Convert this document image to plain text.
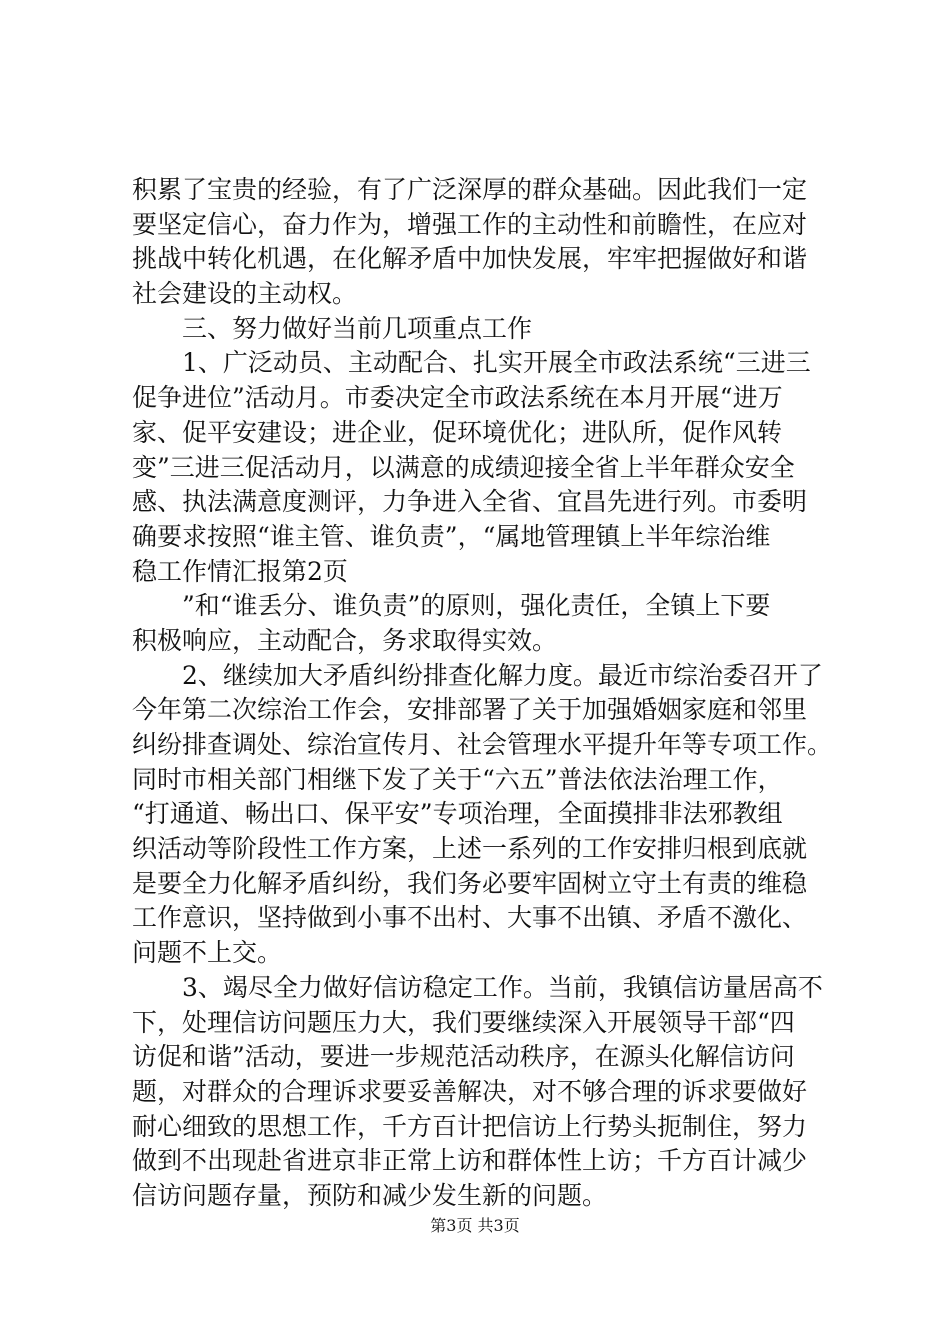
积累了宝贵的经验，有了广泛深厚的群众基础。因此我们一定
要坚定信心，奋力作为，增强工作的主动性和前瞻性，在应对
挑战中转化机遇，在化解矛盾中加快发展，牢牢把握做好和谐
社会建设的主动权。
　　三、努力做好当前几项重点工作
　　1、广泛动员、主动配合、扎实开展全市政法系统“三进三
促争进位”活动月。市委决定全市政法系统在本月开展“进万
家、促平安建设；进企业，促环境优化；进队所，促作风转
变”三进三促活动月，以满意的成绩迎接全省上半年群众安全
感、执法满意度测评，力争进入全省、宜昌先进行列。市委明
确要求按照“谁主管、谁负责”，“属地管理镇上半年综治维
稳工作情汇报第2页
　　”和“谁丢分、谁负责”的原则，强化责任，全镇上下要
积极响应，主动配合，务求取得实效。
　　2、继续加大矛盾纠纷排查化解力度。最近市综治委召开了
今年第二次综治工作会，安排部署了关于加强婚姻家庭和邻里
纠纷排查调处、综治宣传月、社会管理水平提升年等专项工作。
同时市相关部门相继下发了关于“六五”普法依法治理工作，
“打通道、畅出口、保平安”专项治理，全面摸排非法邪教组
织活动等阶段性工作方案，上述一系列的工作安排归根到底就
是要全力化解矛盾纠纷，我们务必要牢固树立守土有责的维稳
工作意识，坚持做到小事不出村、大事不出镇、矛盾不激化、
问题不上交。
　　3、竭尽全力做好信访稳定工作。当前，我镇信访量居高不
下，处理信访问题压力大，我们要继续深入开展领导干部“四
访促和谐”活动，要进一步规范活动秩序，在源头化解信访问
题，对群众的合理诉求要妥善解决，对不够合理的诉求要做好
耐心细致的思想工作，千方百计把信访上行势头扼制住，努力
做到不出现赴省进京非正常上访和群体性上访；千方百计减少
信访问题存量，预防和减少发生新的问题。
第3页 共3页
